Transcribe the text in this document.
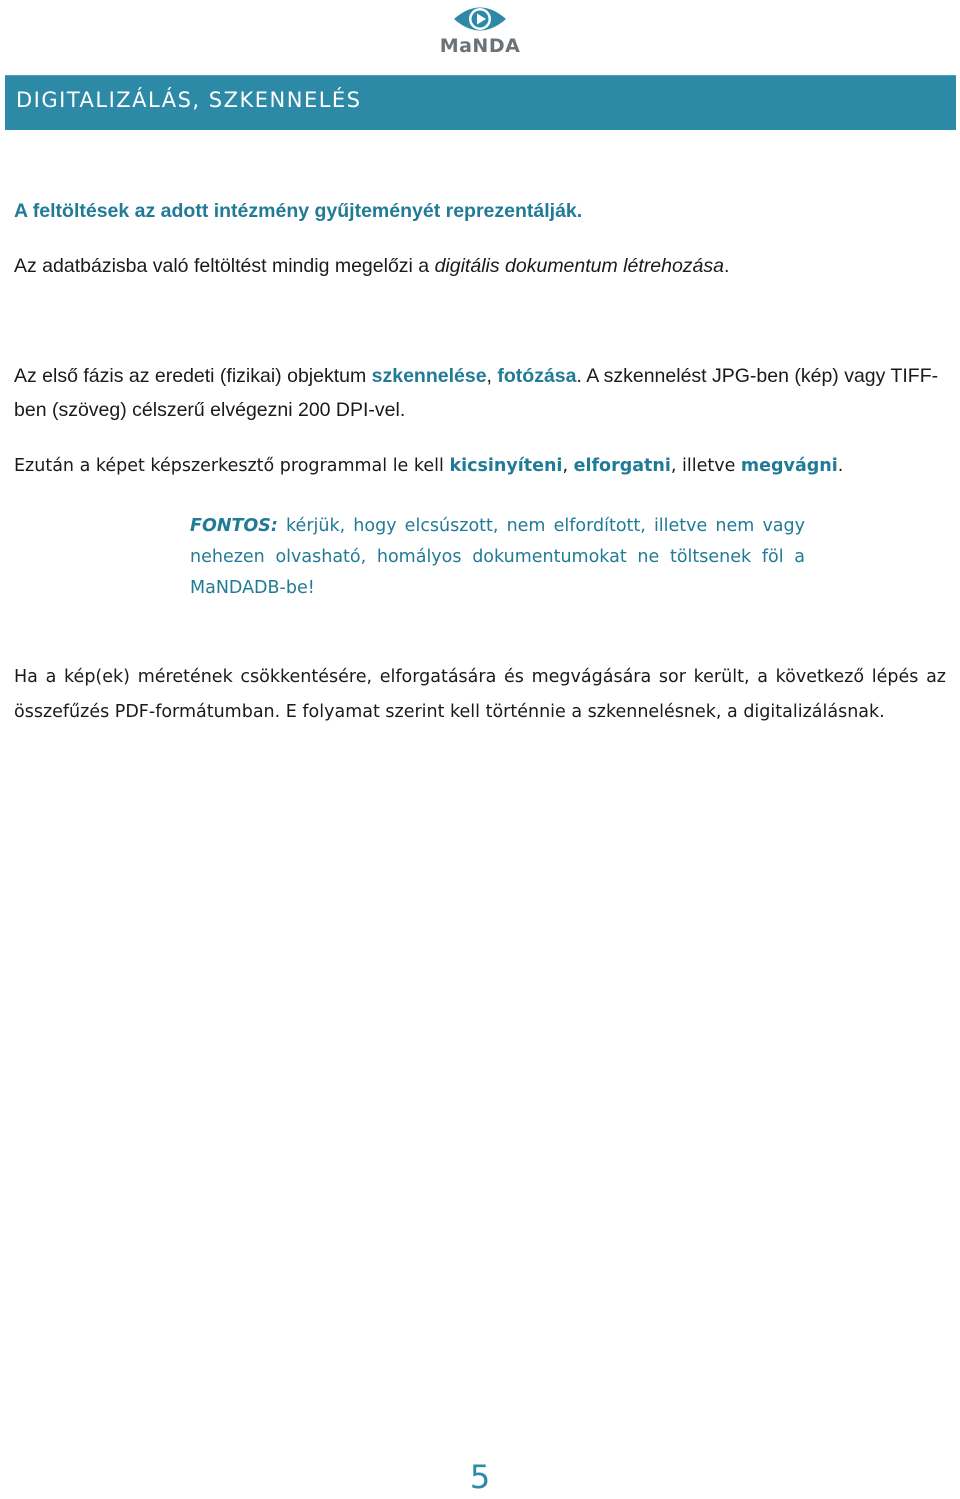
MaNDA
DIGITALIZÁLÁS, SZKENNELÉS

A feltöltések az adott intézmény gyűjteményét reprezentálják.

Az adatbázisba való feltöltést mindig megelőzi a digitális dokumentum létrehozása.

Az első fázis az eredeti (fizikai) objektum szkennelése, fotózása. A szkennelést JPG-ben (kép) vagy TIFF-ben (szöveg) célszerű elvégezni 200 DPI-vel.

Ezután a képet képszerkesztő programmal le kell kicsinyíteni, elforgatni, illetve megvágni.

FONTOS: kérjük, hogy elcsúszott, nem elfordított, illetve nem vagy nehezen olvasható, homályos dokumentumokat ne töltsenek föl a MaNDADB-be!

Ha a kép(ek) méretének csökkentésére, elforgatására és megvágására sor került, a következő lépés az összefűzés PDF-formátumban. E folyamat szerint kell történnie a szkennelésnek, a digitalizálásnak.

5
